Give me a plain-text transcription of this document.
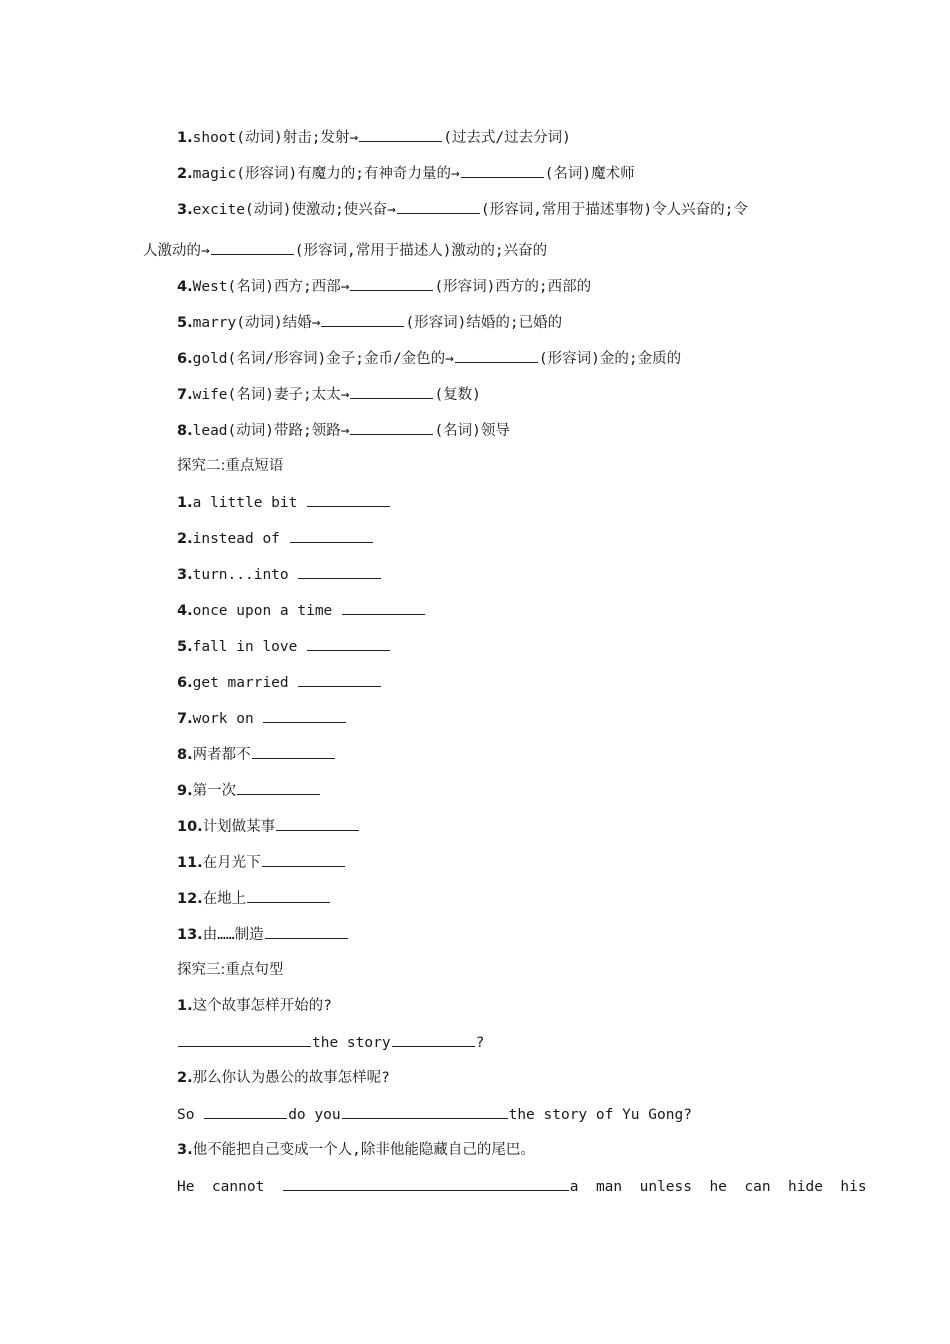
1.shoot(动词)射击;发射→	(过去式/过去分词)
2.magic(形容词)有魔力的;有神奇力量的→	(名词)魔术师
3.excite(动词)使激动;使兴奋→	(形容词,常用于描述事物)令人兴奋的;令
人激动的→	(形容词,常用于描述人)激动的;兴奋的
4.West(名词)西方;西部→	(形容词)西方的;西部的
5.marry(动词)结婚→	(形容词)结婚的;已婚的
6.gold(名词/形容词)金子;金币/金色的→	(形容词)金的;金质的
7.wife(名词)妻子;太太→	(复数)
8.lead(动词)带路;领路→	(名词)领导
探究二:重点短语
1.a little bit
2.instead of
3.turn...into
4.once upon a time
5.fall in love
6.get married
7.work on
8.两者都不
9.第一次
10.计划做某事
11.在月光下
12.在地上
13.由……制造
探究三:重点句型
1.这个故事怎样开始的?
the story	?
2.那么你认为愚公的故事怎样呢?
So	do you	the story of Yu Gong?
3.他不能把自己变成一个人,除非他能隐藏自己的尾巴。
He  cannot	a  man  unless  he  can  hide  his
